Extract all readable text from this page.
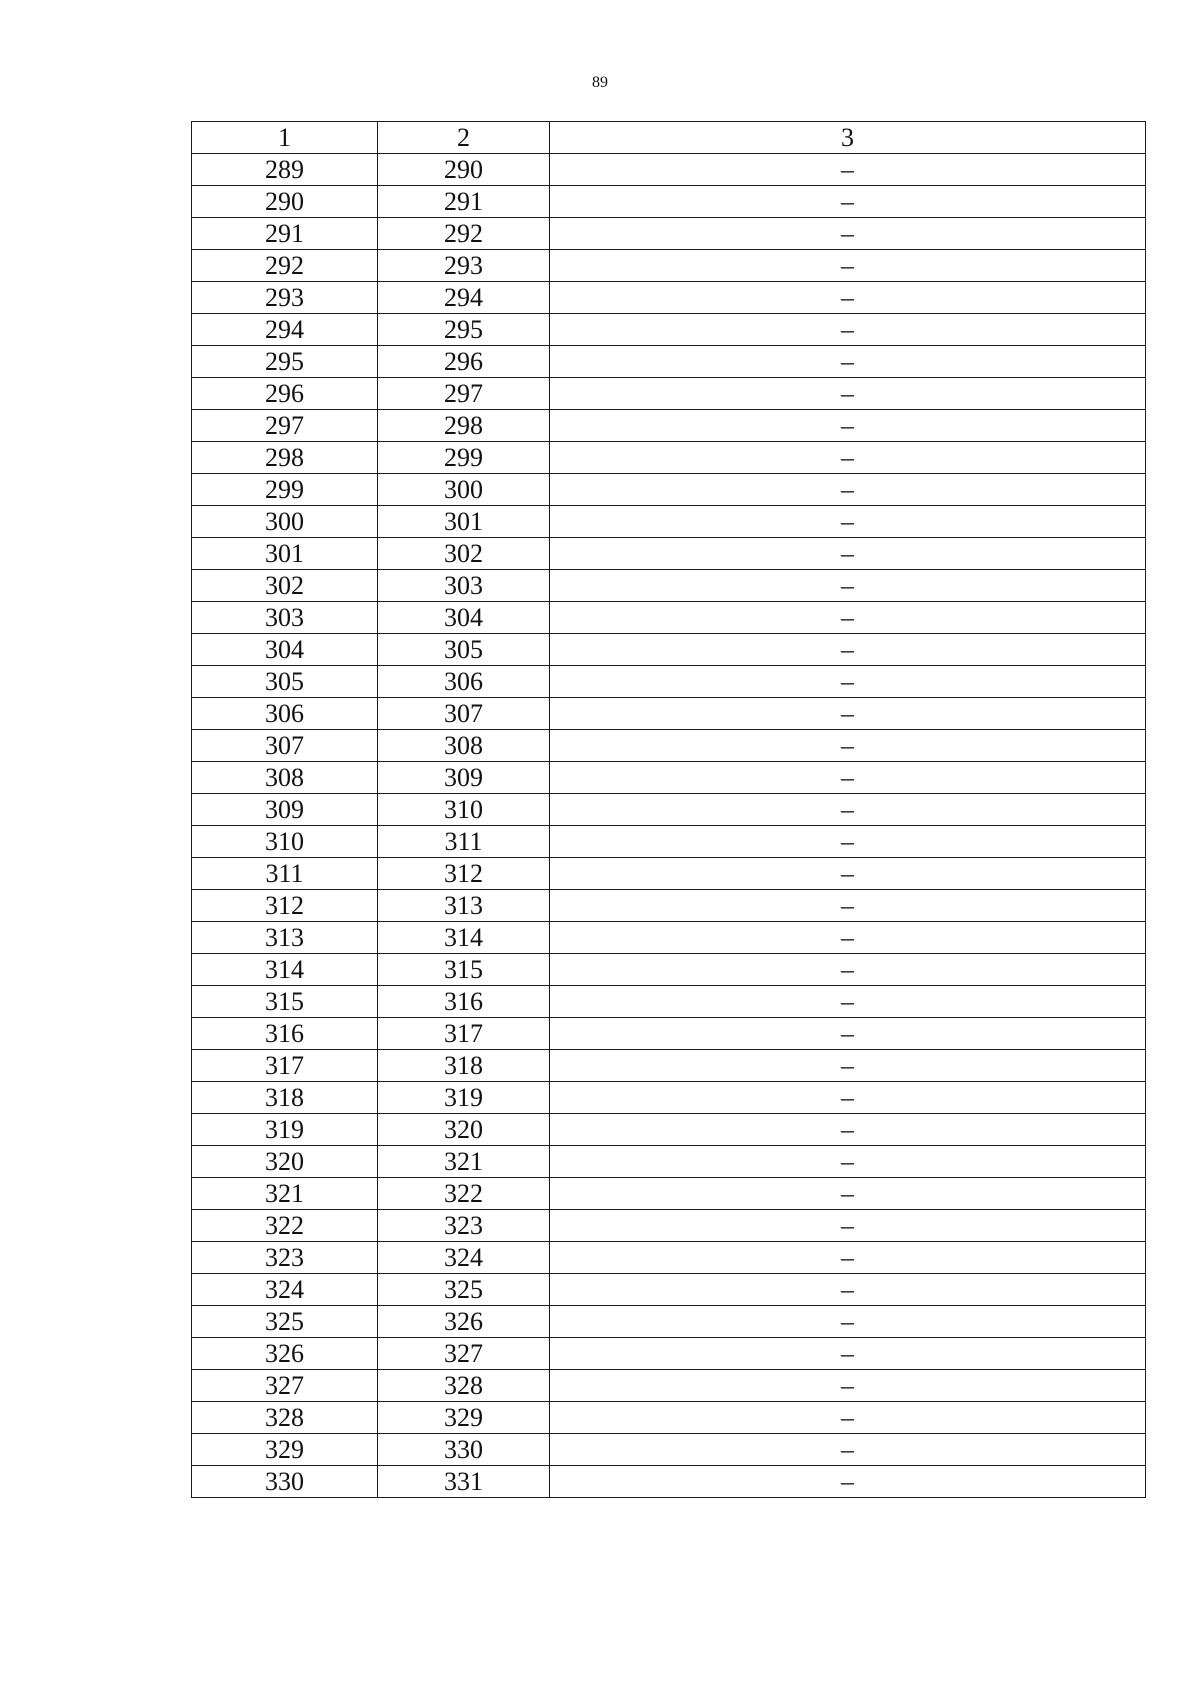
89
1	2	3
289	290	–
290	291	–
291	292	–
292	293	–
293	294	–
294	295	–
295	296	–
296	297	–
297	298	–
298	299	–
299	300	–
300	301	–
301	302	–
302	303	–
303	304	–
304	305	–
305	306	–
306	307	–
307	308	–
308	309	–
309	310	–
310	311	–
311	312	–
312	313	–
313	314	–
314	315	–
315	316	–
316	317	–
317	318	–
318	319	–
319	320	–
320	321	–
321	322	–
322	323	–
323	324	–
324	325	–
325	326	–
326	327	–
327	328	–
328	329	–
329	330	–
330	331	–
